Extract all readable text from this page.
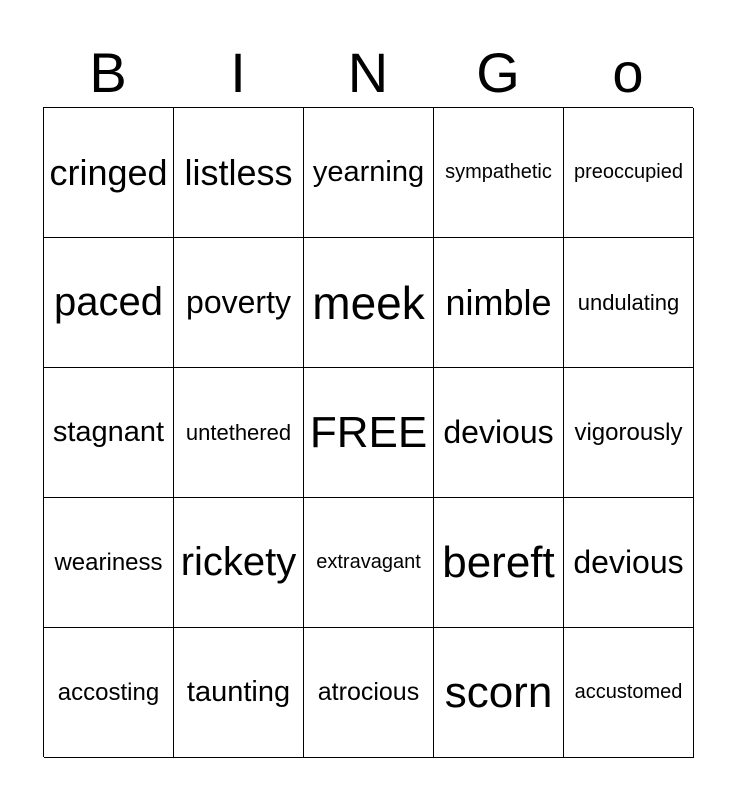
B	I	N	G	o
cringed listless yearning sympathetic preoccupied
paced poverty meek nimble undulating
stagnant untethered FREE devious vigorously
weariness rickety extravagant bereft devious
accosting taunting atrocious scorn accustomed
